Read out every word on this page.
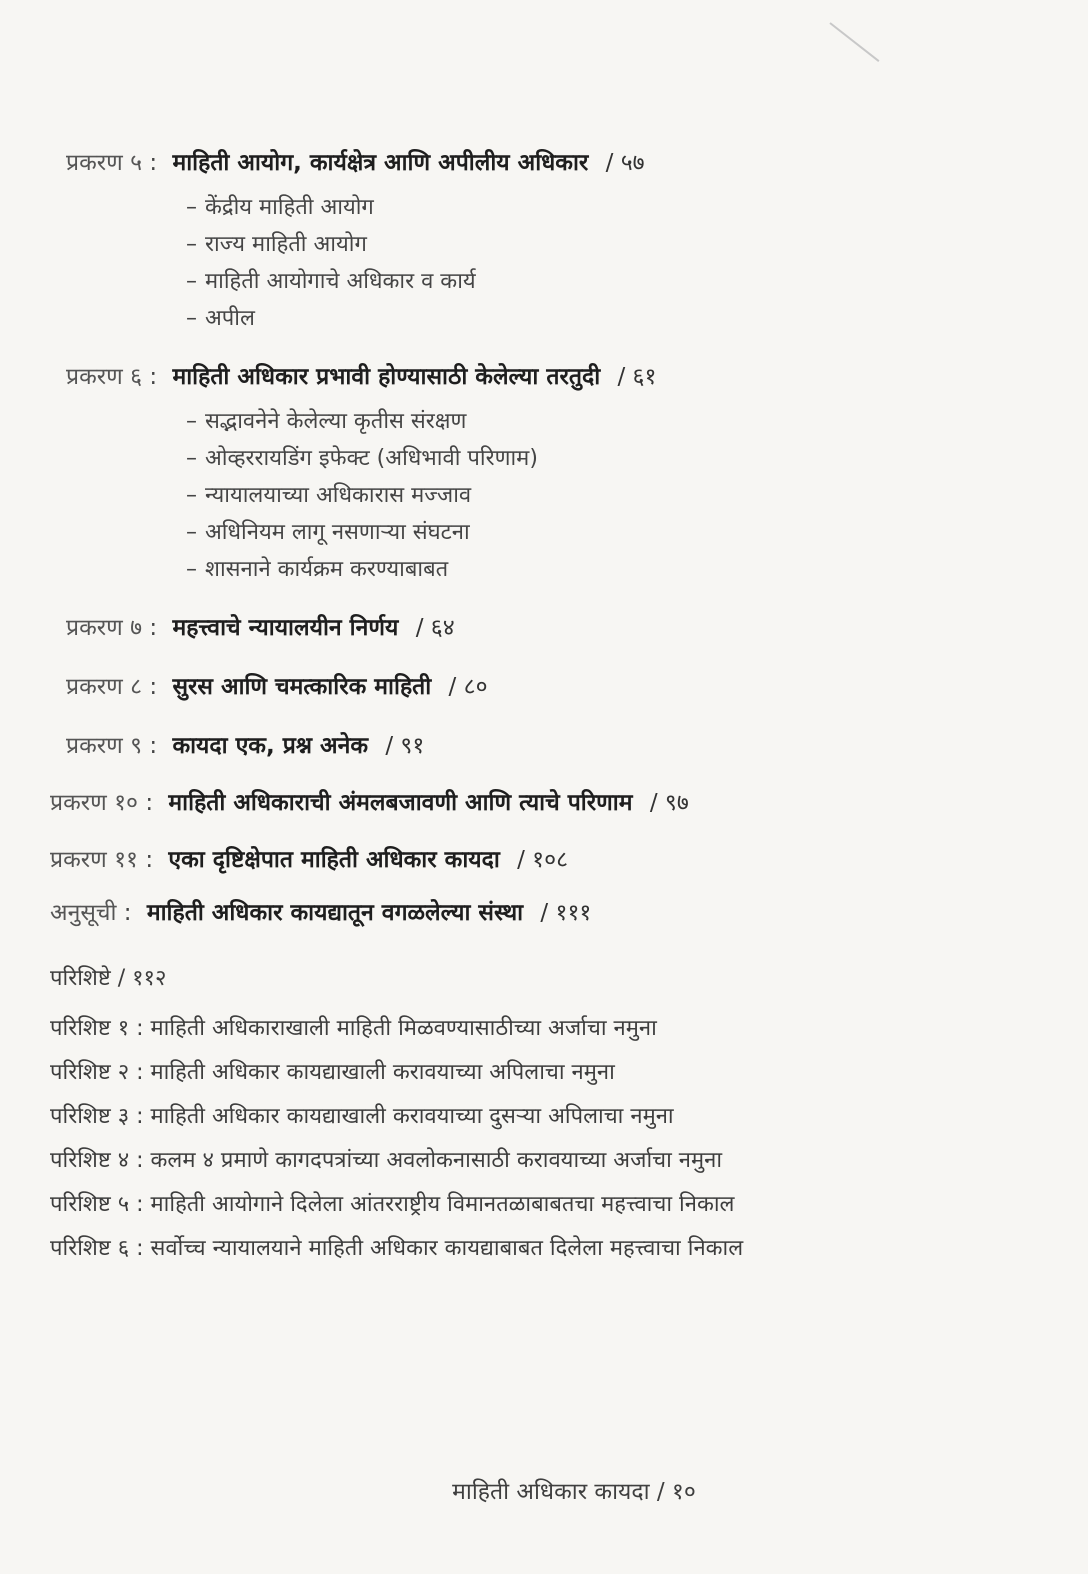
प्रकरण ५ : माहिती आयोग, कार्यक्षेत्र आणि अपीलीय अधिकार / ५७
– केंद्रीय माहिती आयोग
– राज्य माहिती आयोग
– माहिती आयोगाचे अधिकार व कार्य
– अपील
प्रकरण ६ : माहिती अधिकार प्रभावी होण्यासाठी केलेल्या तरतुदी / ६१
– सद्भावनेने केलेल्या कृतीस संरक्षण
– ओव्हररायडिंग इफेक्ट (अधिभावी परिणाम)
– न्यायालयाच्या अधिकारास मज्जाव
– अधिनियम लागू नसणाऱ्या संघटना
– शासनाने कार्यक्रम करण्याबाबत
प्रकरण ७ : महत्त्वाचे न्यायालयीन निर्णय / ६४
प्रकरण ८ : सुरस आणि चमत्कारिक माहिती / ८०
प्रकरण ९ : कायदा एक, प्रश्न अनेक / ९१
प्रकरण १० : माहिती अधिकाराची अंमलबजावणी आणि त्याचे परिणाम / ९७
प्रकरण ११ : एका दृष्टिक्षेपात माहिती अधिकार कायदा / १०८
अनुसूची : माहिती अधिकार कायद्यातून वगळलेल्या संस्था / १११
परिशिष्टे / ११२
परिशिष्ट १ : माहिती अधिकाराखाली माहिती मिळवण्यासाठीच्या अर्जाचा नमुना
परिशिष्ट २ : माहिती अधिकार कायद्याखाली करावयाच्या अपिलाचा नमुना
परिशिष्ट ३ : माहिती अधिकार कायद्याखाली करावयाच्या दुसऱ्या अपिलाचा नमुना
परिशिष्ट ४ : कलम ४ प्रमाणे कागदपत्रांच्या अवलोकनासाठी करावयाच्या अर्जाचा नमुना
परिशिष्ट ५ : माहिती आयोगाने दिलेला आंतरराष्ट्रीय विमानतळाबाबतचा महत्त्वाचा निकाल
परिशिष्ट ६ : सर्वोच्च न्यायालयाने माहिती अधिकार कायद्याबाबत दिलेला महत्त्वाचा निकाल
माहिती अधिकार कायदा / १०
